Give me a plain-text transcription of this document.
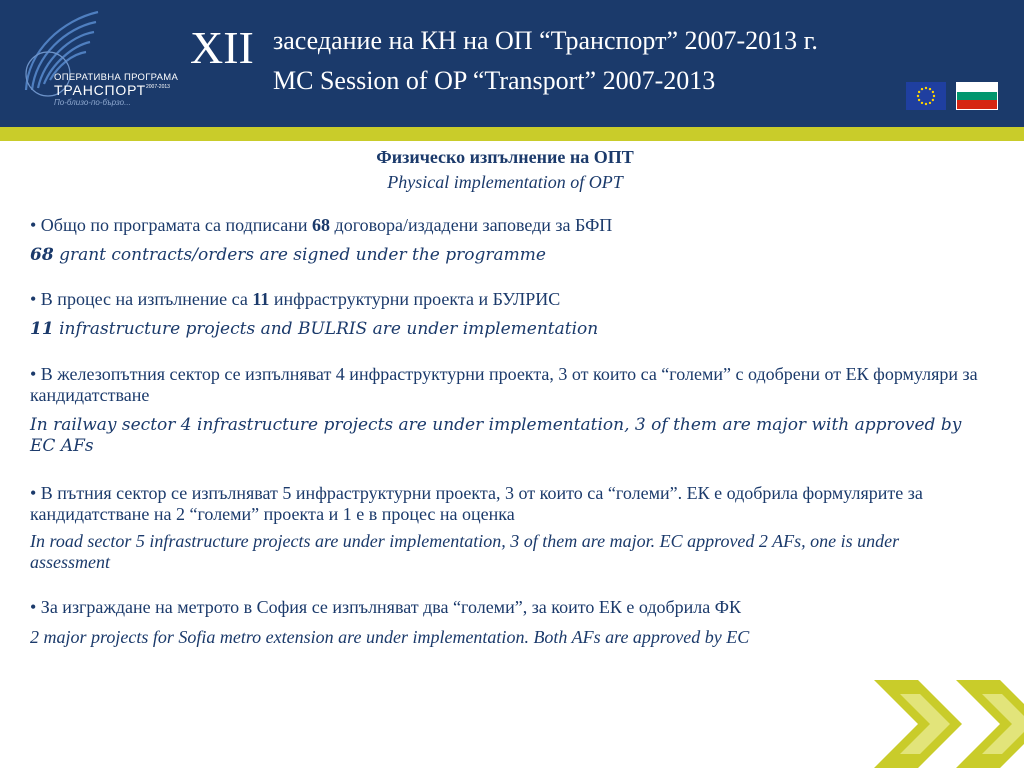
ОПЕРАТИВНА ПРОГРАМА
ТРАНСПОРТ 2007-2013
По-близо-по-бързо...
XII заседание на КН на ОП “Транспорт” 2007-2013 г.
MC Session of OP “Transport” 2007-2013
Физическо изпълнение на ОПТ
Physical implementation of OPT
• Общо по програмата са подписани 68 договора/издадени заповеди за БФП
68 grant contracts/orders are signed under the programme
• В процес на изпълнение са 11 инфраструктурни проекта и БУЛРИС
11 infrastructure projects and BULRIS are under implementation
• В железопътния сектор се изпълняват 4 инфраструктурни проекта, 3 от които са “големи” с одобрени от ЕК формуляри за кандидатстване
In railway sector 4 infrastructure projects are under implementation, 3 of them are major with approved by EC AFs
• В пътния сектор се изпълняват 5 инфраструктурни проекта, 3 от които са “големи”. ЕК е одобрила формулярите за кандидатстване на 2 “големи” проекта и 1 е в процес на оценка
In road sector 5 infrastructure projects are under implementation, 3 of them are major. EC approved 2 AFs, one is under assessment
• За изграждане на метрото в София се изпълняват два “големи”, за които ЕК е одобрила ФК
2 major projects for Sofia metro extension are under implementation. Both AFs are approved by EC
